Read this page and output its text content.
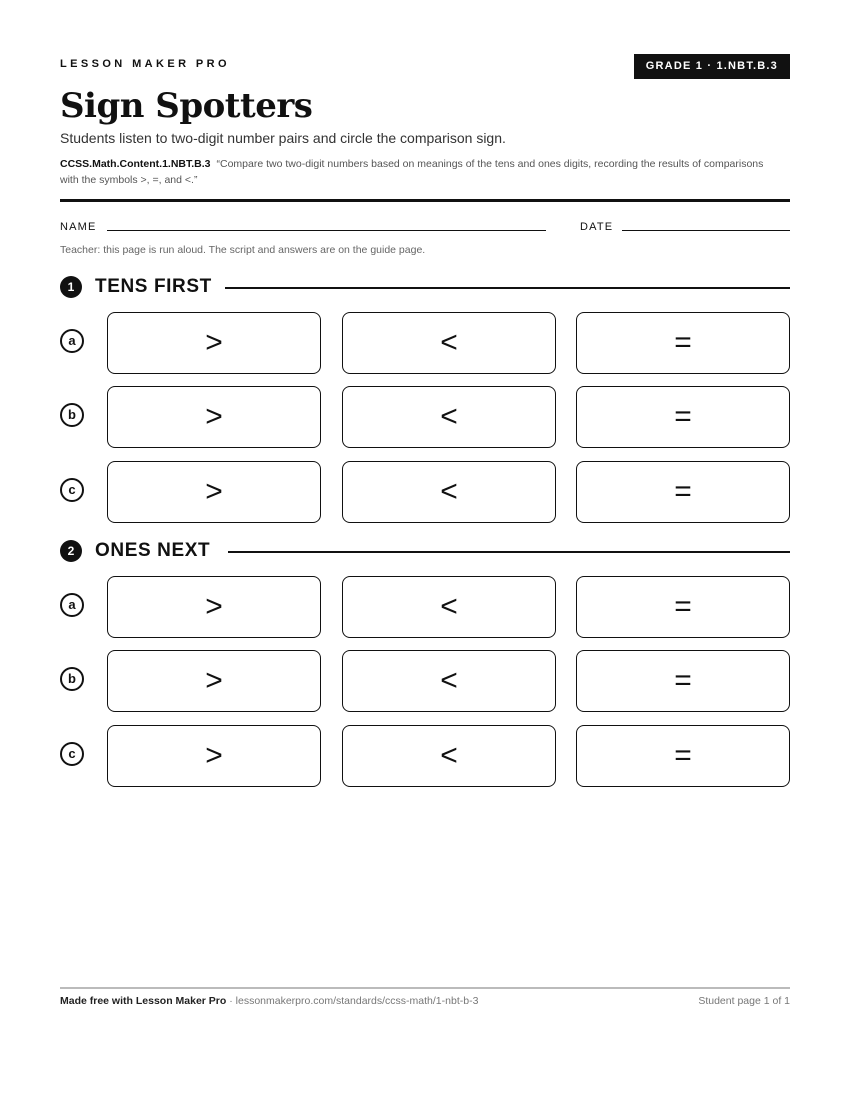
LESSON MAKER PRO	GRADE 1 · 1.NBT.B.3
Sign Spotters
Students listen to two-digit number pairs and circle the comparison sign.
CCSS.Math.Content.1.NBT.B.3 “Compare two two-digit numbers based on meanings of the tens and ones digits, recording the results of comparisons with the symbols >, =, and <.”
NAME	DATE
Teacher: this page is run aloud. The script and answers are on the guide page.
1	TENS FIRST
a	>	<	=
b	>	<	=
c	>	<	=
2	ONES NEXT
a	>	<	=
b	>	<	=
c	>	<	=
Made free with Lesson Maker Pro · lessonmakerpro.com/standards/ccss-math/1-nbt-b-3	Student page 1 of 1
